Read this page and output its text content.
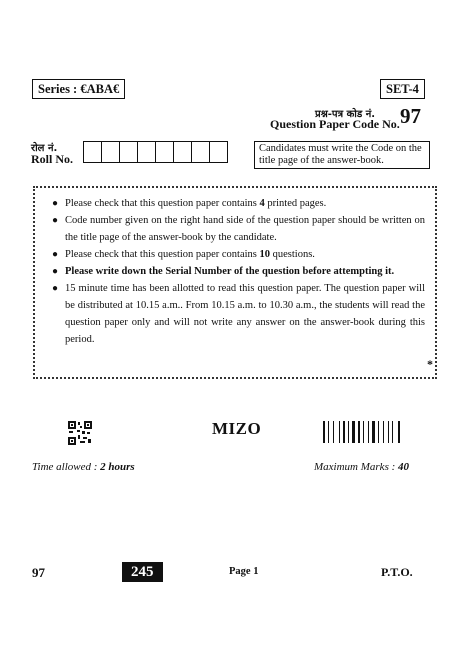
Series : €ABA€	SET-4
प्रश्न-पत्र कोड नं.
Question Paper Code No. 97
रोल नं.
Roll No.
Candidates must write the Code on the title page of the answer-book.
● Please check that this question paper contains 4 printed pages.
● Code number given on the right hand side of the question paper should be written on the title page of the answer-book by the candidate.
● Please check that this question paper contains 10 questions.
● Please write down the Serial Number of the question before attempting it.
● 15 minute time has been allotted to read this question paper. The question paper will be distributed at 10.15 a.m.. From 10.15 a.m. to 10.30 a.m., the students will read the question paper only and will not write any answer on the answer-book during this period.
*
MIZO
Time allowed : 2 hours	Maximum Marks : 40
97	245	Page 1	P.T.O.
